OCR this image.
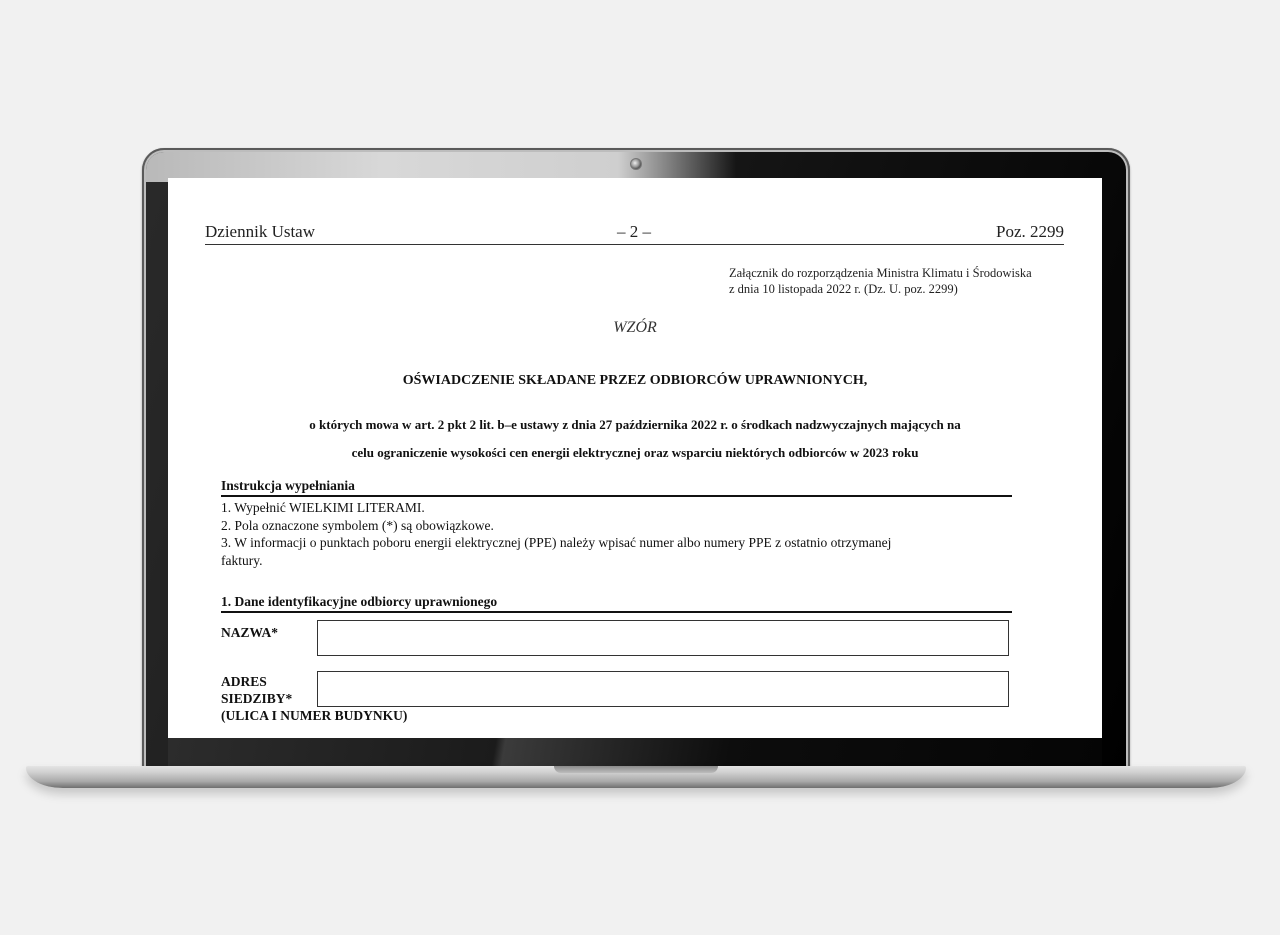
Dziennik Ustaw	– 2 –	Poz. 2299
Załącznik do rozporządzenia Ministra Klimatu i Środowiska
z dnia 10 listopada 2022 r. (Dz. U. poz. 2299)
WZÓR
OŚWIADCZENIE SKŁADANE PRZEZ ODBIORCÓW UPRAWNIONYCH,
o których mowa w art. 2 pkt 2 lit. b–e ustawy z dnia 27 października 2022 r. o środkach nadzwyczajnych mających na
celu ograniczenie wysokości cen energii elektrycznej oraz wsparciu niektórych odbiorców w 2023 roku
Instrukcja wypełniania
1. Wypełnić WIELKIMI LITERAMI.
2. Pola oznaczone symbolem (*) są obowiązkowe.
3. W informacji o punktach poboru energii elektrycznej (PPE) należy wpisać numer albo numery PPE z ostatnio otrzymanej
faktury.
1. Dane identyfikacyjne odbiorcy uprawnionego
NAZWA*
ADRES
SIEDZIBY*
(ULICA I NUMER BUDYNKU)
